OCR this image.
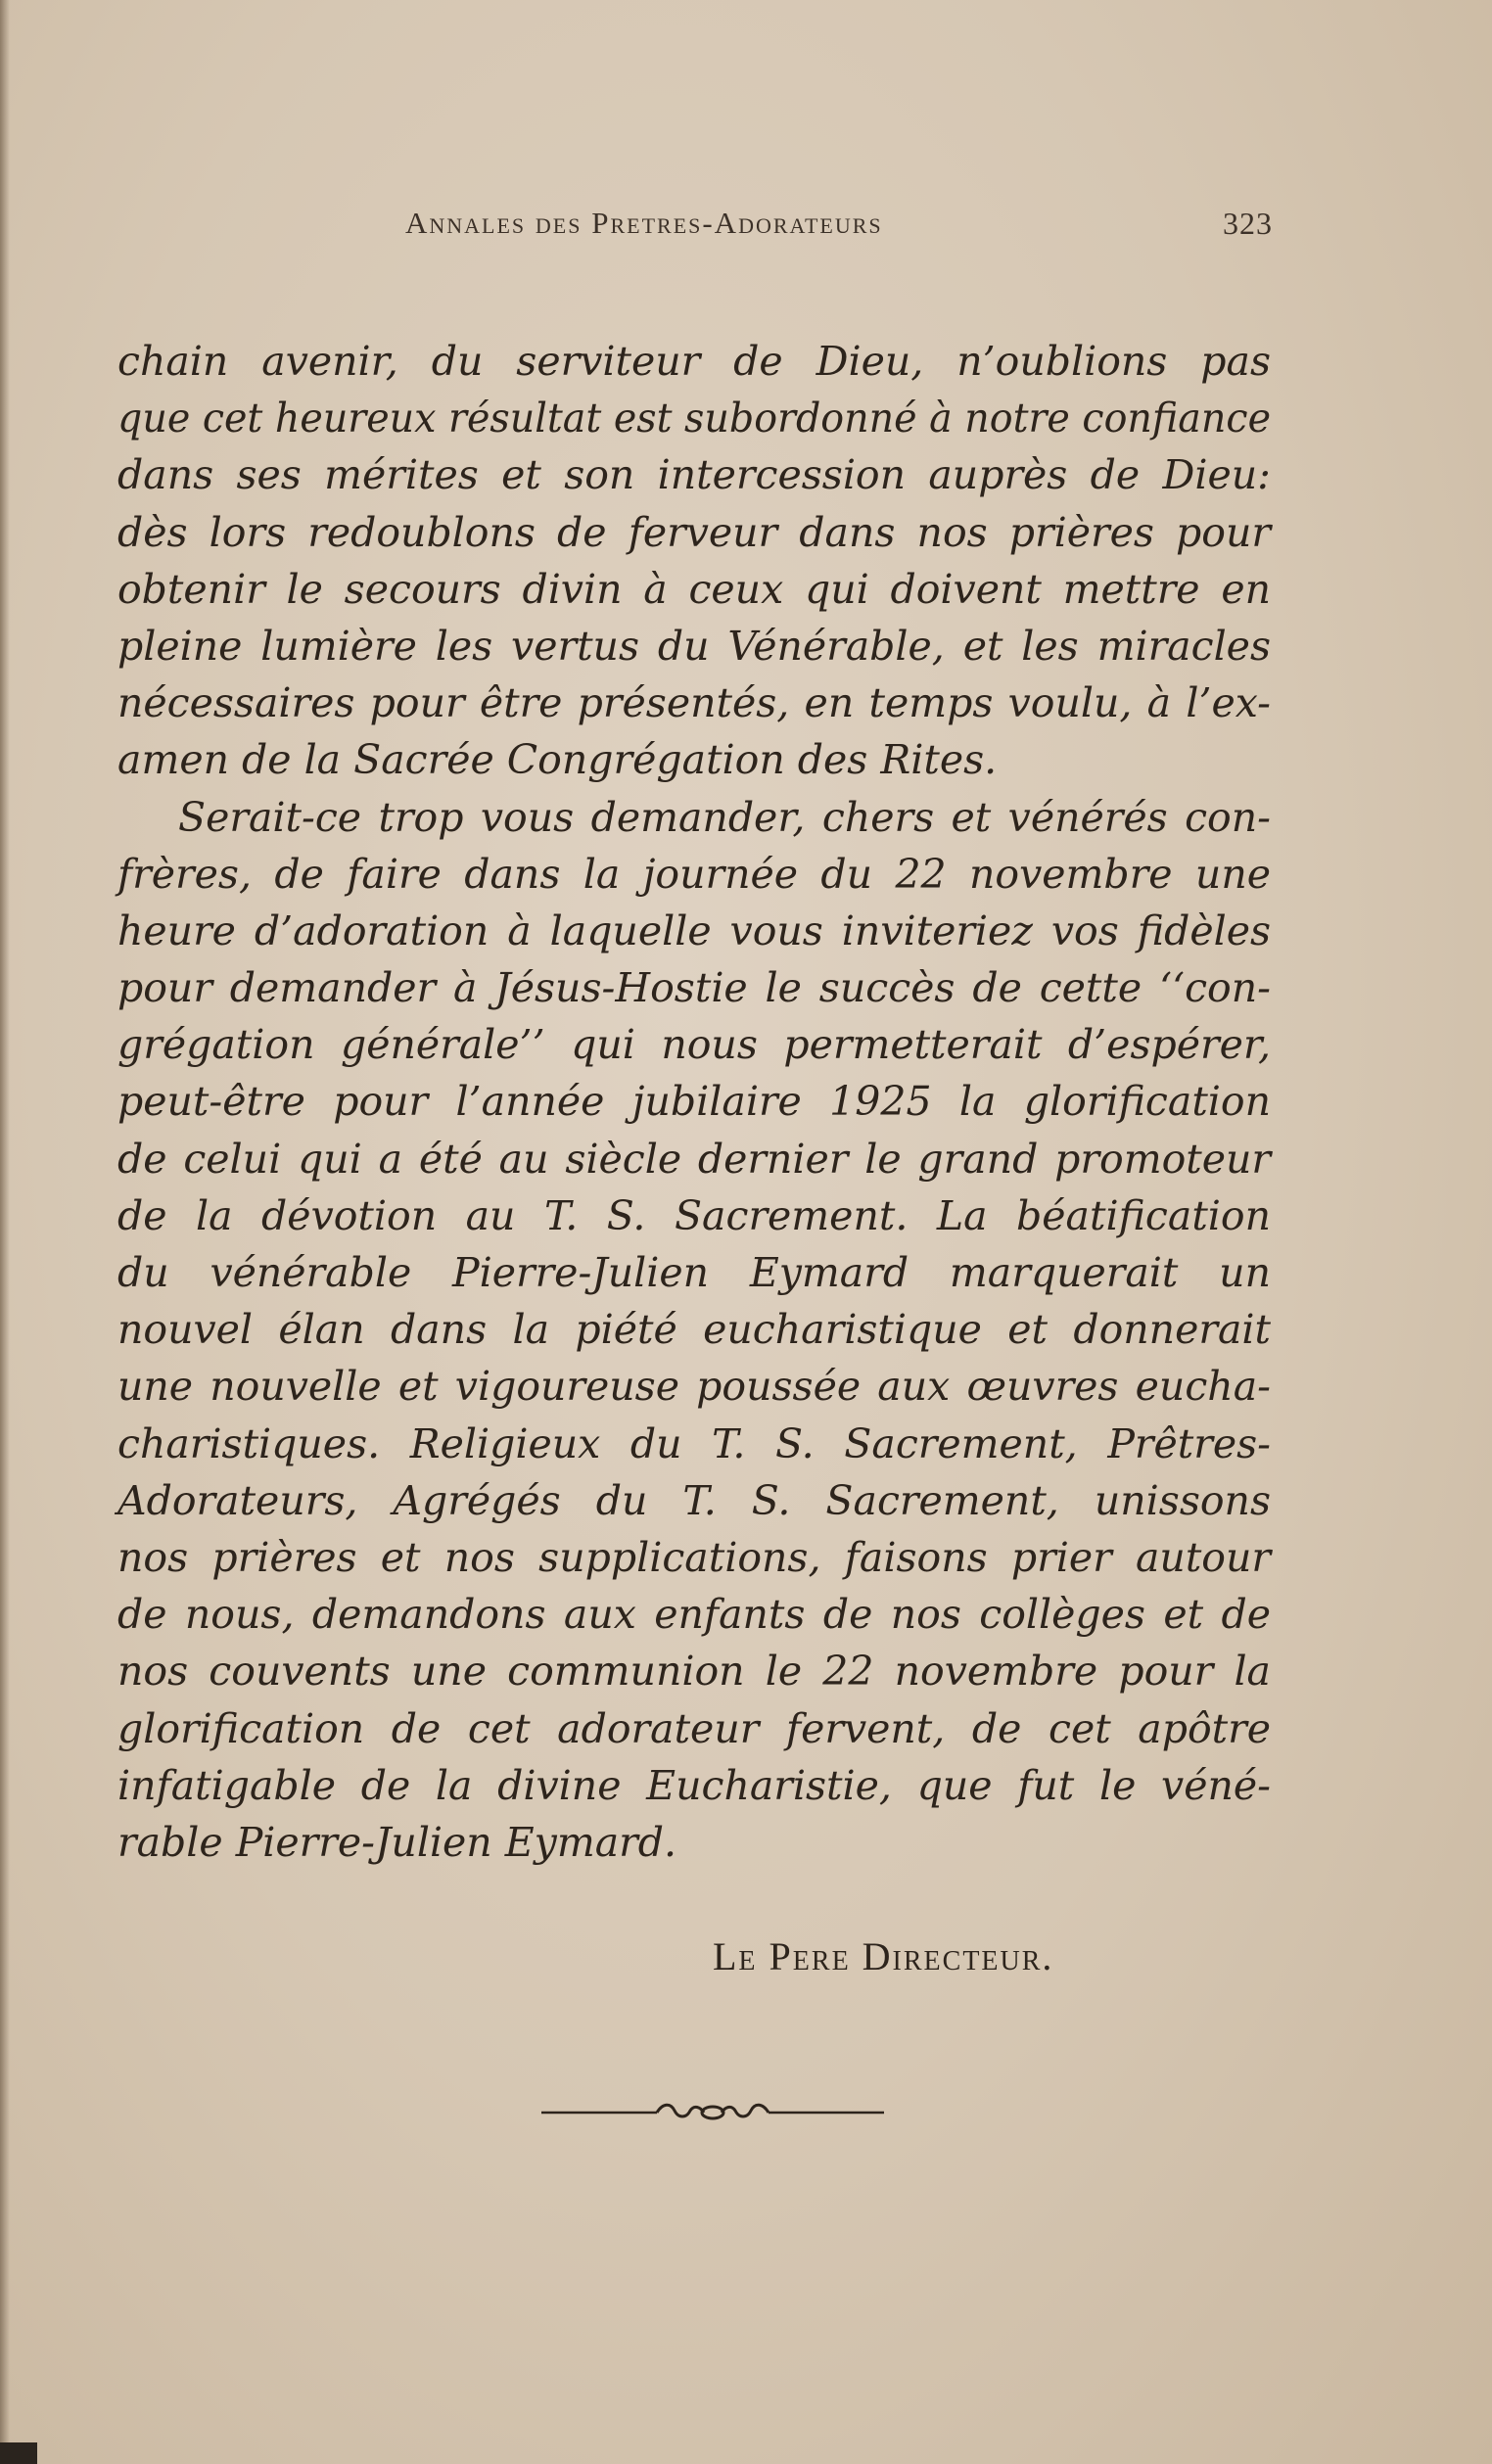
Annales des Pretres-Adorateurs	323
chain avenir, du serviteur de Dieu, n’oublions pas
que cet heureux résultat est subordonné à notre confiance
dans ses mérites et son intercession auprès de Dieu:
dès lors redoublons de ferveur dans nos prières pour
obtenir le secours divin à ceux qui doivent mettre en
pleine lumière les vertus du Vénérable, et les miracles
nécessaires pour être présentés, en temps voulu, à l’ex-
amen de la Sacrée Congrégation des Rites.
Serait-ce trop vous demander, chers et vénérés con-
frères, de faire dans la journée du 22 novembre une
heure d’adoration à laquelle vous inviteriez vos fidèles
pour demander à Jésus-Hostie le succès de cette ‘‘con-
grégation générale’’ qui nous permetterait d’espérer,
peut-être pour l’année jubilaire 1925 la glorification
de celui qui a été au siècle dernier le grand promoteur
de la dévotion au T. S. Sacrement. La béatification
du vénérable Pierre-Julien Eymard marquerait un
nouvel élan dans la piété eucharistique et donnerait
une nouvelle et vigoureuse poussée aux œuvres eucha-
charistiques. Religieux du T. S. Sacrement, Prêtres-
Adorateurs, Agrégés du T. S. Sacrement, unissons
nos prières et nos supplications, faisons prier autour
de nous, demandons aux enfants de nos collèges et de
nos couvents une communion le 22 novembre pour la
glorification de cet adorateur fervent, de cet apôtre
infatigable de la divine Eucharistie, que fut le véné-
rable Pierre-Julien Eymard.
Le Pere Directeur.
